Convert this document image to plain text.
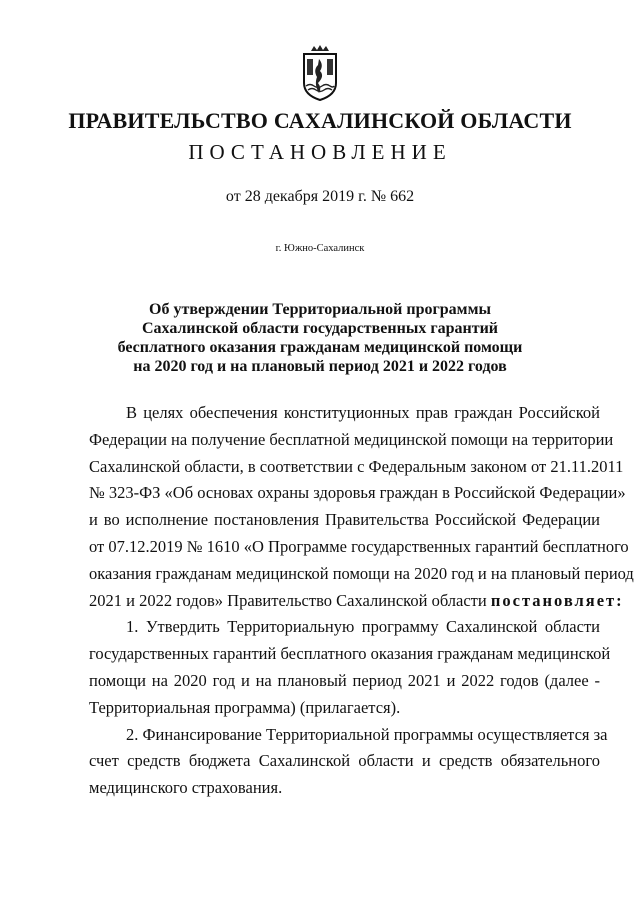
ПРАВИТЕЛЬСТВО САХАЛИНСКОЙ ОБЛАСТИ
ПОСТАНОВЛЕНИЕ
от 28 декабря 2019 г. № 662
г. Южно-Сахалинск
Об утверждении Территориальной программы
Сахалинской области государственных гарантий
бесплатного оказания гражданам медицинской помощи
на 2020 год и на плановый период 2021 и 2022 годов
В целях обеспечения конституционных прав граждан Российской
Федерации на получение бесплатной медицинской помощи на территории
Сахалинской области, в соответствии с Федеральным законом от 21.11.2011
№ 323-ФЗ «Об основах охраны здоровья граждан в Российской Федерации»
и во исполнение постановления Правительства Российской Федерации
от 07.12.2019 № 1610 «О Программе государственных гарантий бесплатного
оказания гражданам медицинской помощи на 2020 год и на плановый период
2021 и 2022 годов» Правительство Сахалинской области постановляет:
1. Утвердить Территориальную программу Сахалинской области
государственных гарантий бесплатного оказания гражданам медицинской
помощи на 2020 год и на плановый период 2021 и 2022 годов (далее -
Территориальная программа) (прилагается).
2. Финансирование Территориальной программы осуществляется за
счет средств бюджета Сахалинской области и средств обязательного
медицинского страхования.
